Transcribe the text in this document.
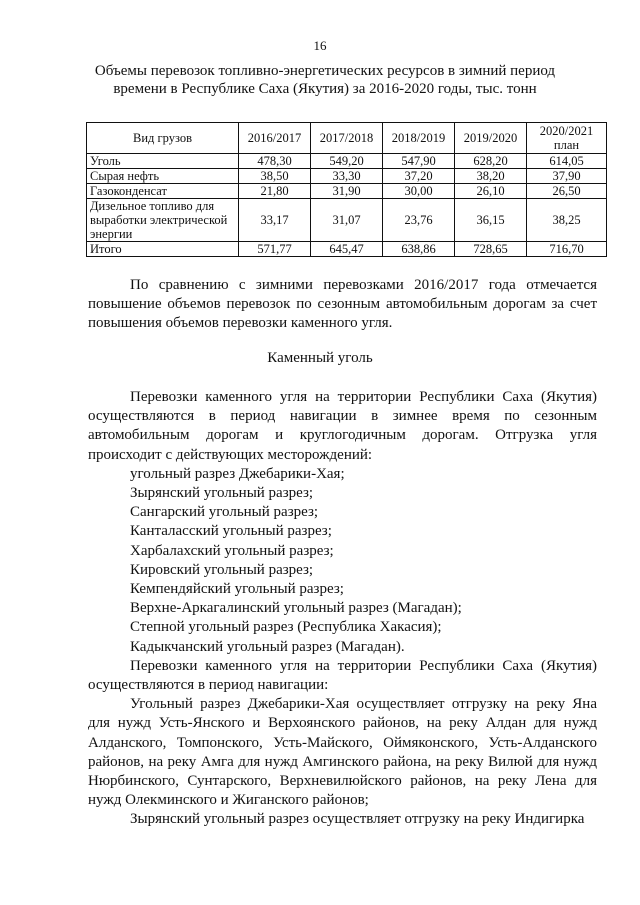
16
Объемы перевозок топливно-энергетических ресурсов в зимний период
времени в Республике Саха (Якутия) за 2016-2020 годы, тыс. тонн
Вид грузов	2016/2017	2017/2018	2018/2019	2019/2020	2020/2021
план

Уголь	478,30	549,20	547,90	628,20	614,05
Сырая нефть	38,50	33,30	37,20	38,20	37,90
Газоконденсат	21,80	31,90	30,00	26,10	26,50
Дизельное топливо для выработки электрической энергии	33,17	31,07	23,76	36,15	38,25
Итого	571,77	645,47	638,86	728,65	716,70

По сравнению с зимними перевозками 2016/2017 года отмечается повышение объемов перевозок по сезонным автомобильным дорогам за счет повышения объемов перевозки каменного угля.

Каменный уголь

Перевозки каменного угля на территории Республики Саха (Якутия) осуществляются в период навигации в зимнее время по сезонным автомобильным дорогам и круглогодичным дорогам. Отгрузка угля происходит с действующих месторождений:

угольный разрез Джебарики-Хая;
Зырянский угольный разрез;
Сангарский угольный разрез;
Канталасский угольный разрез;
Харбалахский угольный разрез;
Кировский угольный разрез;
Кемпендяйский угольный разрез;
Верхне-Аркагалинский угольный разрез (Магадан);
Степной угольный разрез (Республика Хакасия);
Кадыкчанский угольный разрез (Магадан).

Перевозки каменного угля на территории Республики Саха (Якутия) осуществляются в период навигации:

Угольный разрез Джебарики-Хая осуществляет отгрузку на реку Яна для нужд Усть-Янского и Верхоянского районов, на реку Алдан для нужд Алданского, Томпонского, Усть-Майского, Оймяконского, Усть-Алданского районов, на реку Амга для нужд Амгинского района, на реку Вилюй для нужд Нюрбинского, Сунтарского, Верхневилюйского районов, на реку Лена для нужд Олекминского и Жиганского районов;

Зырянский угольный разрез осуществляет отгрузку на реку Индигирка
